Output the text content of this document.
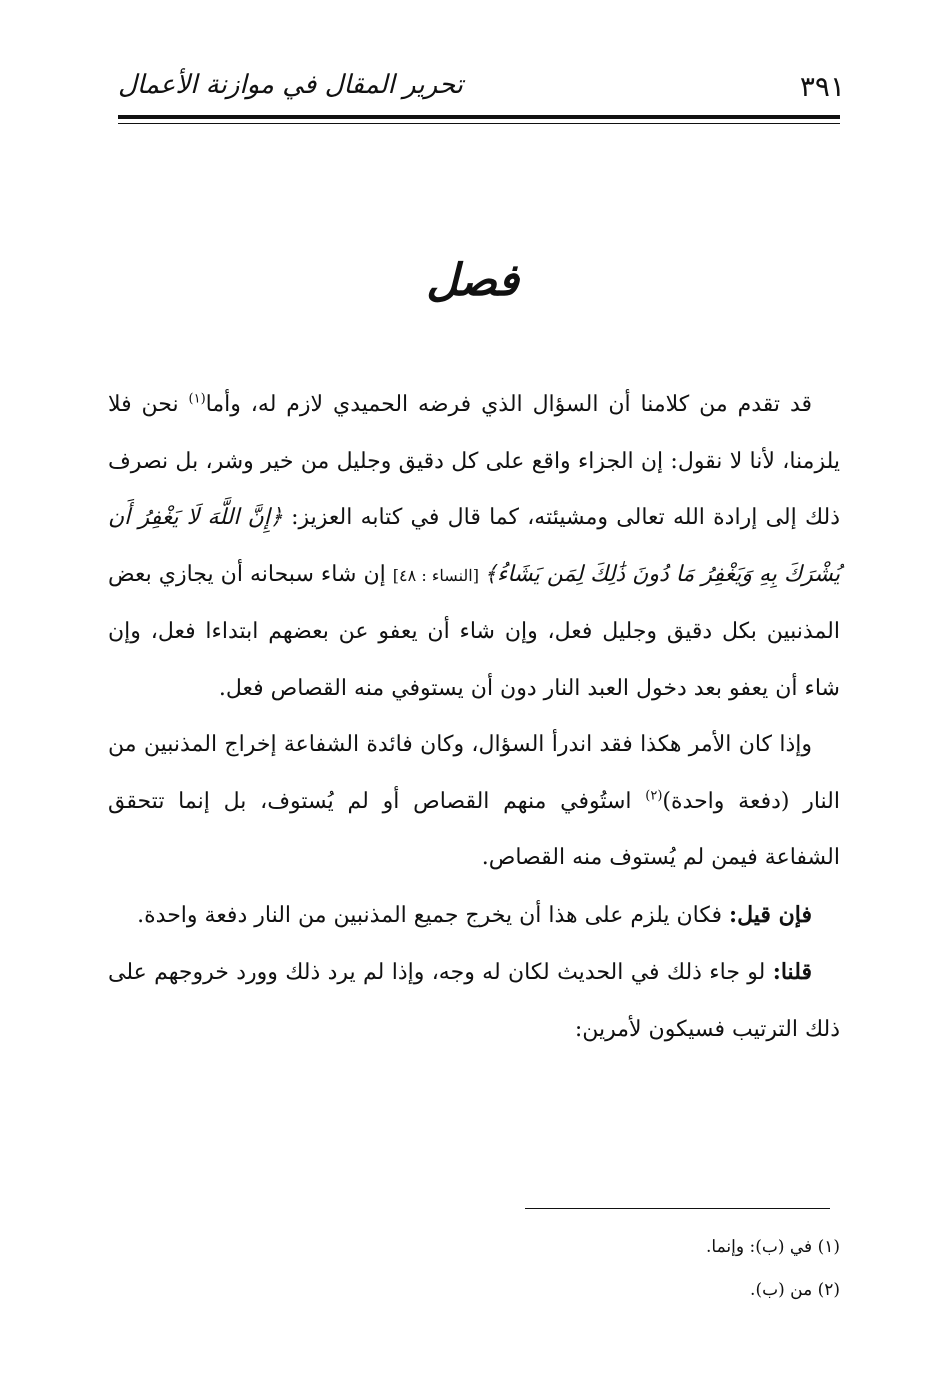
تحرير المقال في موازنة الأعمال	٣٩١
فصل

قد تقدم من كلامنا أن السؤال الذي فرضه الحميدي لازم له، وأما$^{(١)}$ نحن فلا يلزمنا، لأنا لا نقول: إن الجزاء واقع على كل دقيق وجليل من خير وشر، بل نصرف ذلك إلى إرادة الله تعالى ومشيئته، كما قال في كتابه العزيز: ﴿إِنَّ اللَّهَ لَا يَغْفِرُ أَن يُشْرَكَ بِهِ وَيَغْفِرُ مَا دُونَ ذَٰلِكَ لِمَن يَشَاءُ﴾ [النساء : ٤٨] إن شاء سبحانه أن يجازي بعض المذنبين بكل دقيق وجليل فعل، وإن شاء أن يعفو عن بعضهم ابتداءا فعل، وإن شاء أن يعفو بعد دخول العبد النار دون أن يستوفي منه القصاص فعل.

وإذا كان الأمر هكذا فقد اندرأ السؤال، وكان فائدة الشفاعة إخراج المذنبين من النار (دفعة واحدة)$^{(٢)}$ استُوفي منهم القصاص أو لم يُستوف، بل إنما تتحقق الشفاعة فيمن لم يُستوف منه القصاص.

فإن قيل: فكان يلزم على هذا أن يخرج جميع المذنبين من النار دفعة واحدة.

قلنا: لو جاء ذلك في الحديث لكان له وجه، وإذا لم يرد ذلك وورد خروجهم على ذلك الترتيب فسيكون لأمرين:

(١) في (ب): وإنما.
(٢) من (ب).
